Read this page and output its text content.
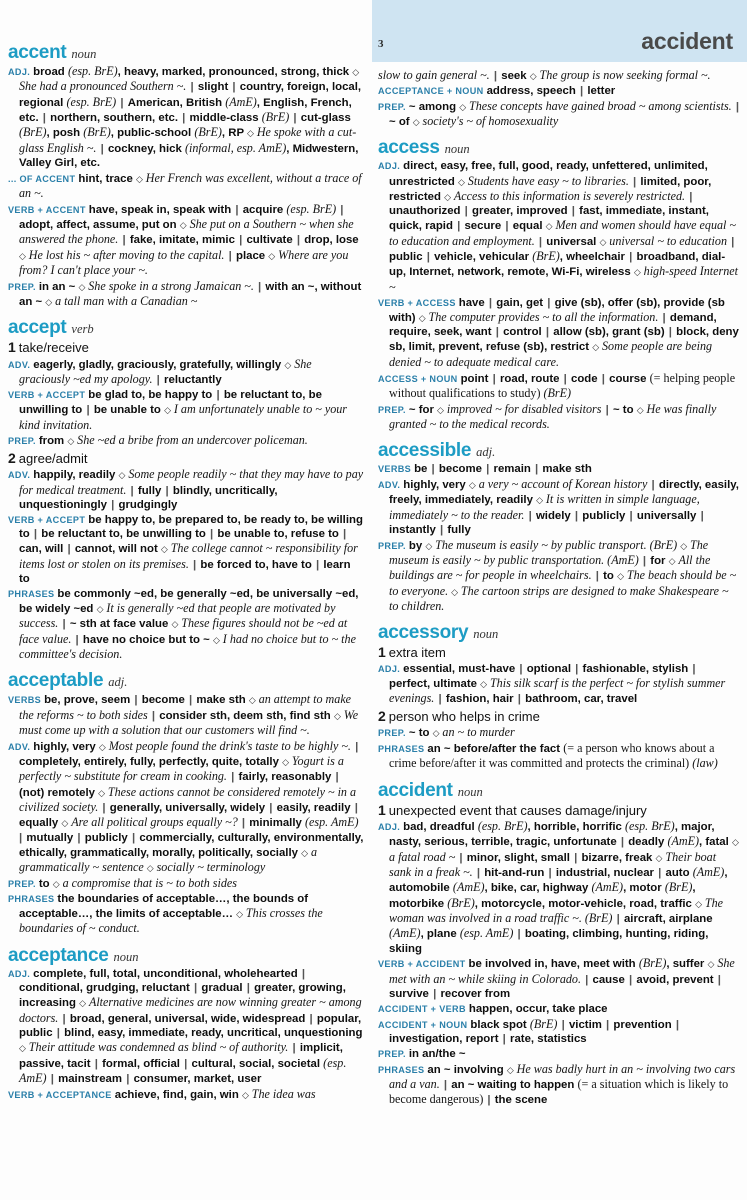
3	accident
accent noun

ADJ. broad (esp. BrE), heavy, marked, pronounced, strong, thick ◇ She had a pronounced Southern ~. | slight | country, foreign, local, regional (esp. BrE) | American, British (AmE), English, French, etc. | northern, southern, etc. | middle-class (BrE) | cut-glass (BrE), posh (BrE), public-school (BrE), RP ◇ He spoke with a cut-glass English ~. | cockney, hick (informal, esp. AmE), Midwestern, Valley Girl, etc.

... OF ACCENT hint, trace ◇ Her French was excellent, without a trace of an ~.

VERB + ACCENT have, speak in, speak with | acquire (esp. BrE) | adopt, affect, assume, put on ◇ She put on a Southern ~ when she answered the phone. | fake, imitate, mimic | cultivate | drop, lose ◇ He lost his ~ after moving to the capital. | place ◇ Where are you from? I can't place your ~.

PREP. in an ~ ◇ She spoke in a strong Jamaican ~. | with an ~, without an ~ ◇ a tall man with a Canadian ~

accept verb
1 take/receive

ADV. eagerly, gladly, graciously, gratefully, willingly ◇ She graciously ~ed my apology. | reluctantly

VERB + ACCEPT be glad to, be happy to | be reluctant to, be unwilling to | be unable to ◇ I am unfortunately unable to ~ your kind invitation.

PREP. from ◇ She ~ed a bribe from an undercover policeman.

2 agree/admit

ADV. happily, readily ◇ Some people readily ~ that they may have to pay for medical treatment. | fully | blindly, uncritically, unquestioningly | grudgingly

VERB + ACCEPT be happy to, be prepared to, be ready to, be willing to | be reluctant to, be unwilling to | be unable to, refuse to | can, will | cannot, will not ◇ The college cannot ~ responsibility for items lost or stolen on its premises. | be forced to, have to | learn to

PHRASES be commonly ~ed, be generally ~ed, be universally ~ed, be widely ~ed ◇ It is generally ~ed that people are motivated by success. | ~ sth at face value ◇ These figures should not be ~ed at face value. | have no choice but to ~ ◇ I had no choice but to ~ the committee's decision.

acceptable adj.

VERBS be, prove, seem | become | make sth ◇ an attempt to make the reforms ~ to both sides | consider sth, deem sth, find sth ◇ We must come up with a solution that our customers will find ~.

ADV. highly, very ◇ Most people found the drink's taste to be highly ~. | completely, entirely, fully, perfectly, quite, totally ◇ Yogurt is a perfectly ~ substitute for cream in cooking. | fairly, reasonably | (not) remotely ◇ These actions cannot be considered remotely ~ in a civilized society. | generally, universally, widely | easily, readily | equally ◇ Are all political groups equally ~? | minimally (esp. AmE) | mutually | publicly | commercially, culturally, environmentally, ethically, grammatically, morally, politically, socially ◇ a grammatically ~ sentence ◇ socially ~ terminology

PREP. to ◇ a compromise that is ~ to both sides

PHRASES the boundaries of acceptable…, the bounds of acceptable…, the limits of acceptable… ◇ This crosses the boundaries of ~ conduct.

acceptance noun

ADJ. complete, full, total, unconditional, wholehearted | conditional, grudging, reluctant | gradual | greater, growing, increasing ◇ Alternative medicines are now winning greater ~ among doctors. | broad, general, universal, wide, widespread | popular, public | blind, easy, immediate, ready, uncritical, unquestioning ◇ Their attitude was condemned as blind ~ of authority. | implicit, passive, tacit | formal, official | cultural, social, societal (esp. AmE) | mainstream | consumer, market, user

VERB + ACCEPTANCE achieve, find, gain, win ◇ The idea was

slow to gain general ~. | seek ◇ The group is now seeking formal ~.

ACCEPTANCE + NOUN address, speech | letter

PREP. ~ among ◇ These concepts have gained broad ~ among scientists. | ~ of ◇ society's ~ of homosexuality

access noun

ADJ. direct, easy, free, full, good, ready, unfettered, unlimited, unrestricted ◇ Students have easy ~ to libraries. | limited, poor, restricted ◇ Access to this information is severely restricted. | unauthorized | greater, improved | fast, immediate, instant, quick, rapid | secure | equal ◇ Men and women should have equal ~ to education and employment. | universal ◇ universal ~ to education | public | vehicle, vehicular (BrE), wheelchair | broadband, dial-up, Internet, network, remote, Wi-Fi, wireless ◇ high-speed Internet ~

VERB + ACCESS have | gain, get | give (sb), offer (sb), provide (sb with) ◇ The computer provides ~ to all the information. | demand, require, seek, want | control | allow (sb), grant (sb) | block, deny sb, limit, prevent, refuse (sb), restrict ◇ Some people are being denied ~ to adequate medical care.

ACCESS + NOUN point | road, route | code | course (= helping people without qualifications to study) (BrE)

PREP. ~ for ◇ improved ~ for disabled visitors | ~ to ◇ He was finally granted ~ to the medical records.

accessible adj.

VERBS be | become | remain | make sth

ADV. highly, very ◇ a very ~ account of Korean history | directly, easily, freely, immediately, readily ◇ It is written in simple language, immediately ~ to the reader. | widely | publicly | universally | instantly | fully

PREP. by ◇ The museum is easily ~ by public transport. (BrE) ◇ The museum is easily ~ by public transportation. (AmE) | for ◇ All the buildings are ~ for people in wheelchairs. | to ◇ The beach should be ~ to everyone. ◇ The cartoon strips are designed to make Shakespeare ~ to children.

accessory noun
1 extra item

ADJ. essential, must-have | optional | fashionable, stylish | perfect, ultimate ◇ This silk scarf is the perfect ~ for stylish summer evenings. | fashion, hair | bathroom, car, travel

2 person who helps in crime

PREP. ~ to ◇ an ~ to murder

PHRASES an ~ before/after the fact (= a person who knows about a crime before/after it was committed and protects the criminal) (law)

accident noun
1 unexpected event that causes damage/injury

ADJ. bad, dreadful (esp. BrE), horrible, horrific (esp. BrE), major, nasty, serious, terrible, tragic, unfortunate | deadly (AmE), fatal ◇ a fatal road ~ | minor, slight, small | bizarre, freak ◇ Their boat sank in a freak ~. | hit-and-run | industrial, nuclear | auto (AmE), automobile (AmE), bike, car, highway (AmE), motor (BrE), motorbike (BrE), motorcycle, motor-vehicle, road, traffic ◇ The woman was involved in a road traffic ~. (BrE) | aircraft, airplane (AmE), plane (esp. AmE) | boating, climbing, hunting, riding, skiing

VERB + ACCIDENT be involved in, have, meet with (BrE), suffer ◇ She met with an ~ while skiing in Colorado. | cause | avoid, prevent | survive | recover from

ACCIDENT + VERB happen, occur, take place

ACCIDENT + NOUN black spot (BrE) | victim | prevention | investigation, report | rate, statistics

PREP. in an/the ~

PHRASES an ~ involving ◇ He was badly hurt in an ~ involving two cars and a van. | an ~ waiting to happen (= a situation which is likely to become dangerous) | the scene
